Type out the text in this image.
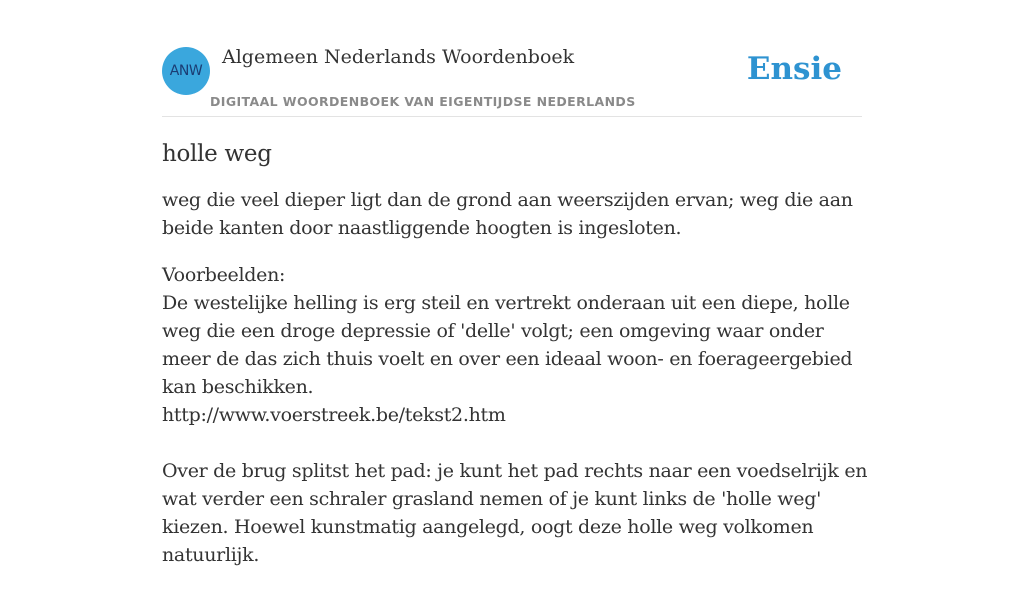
ANW
Algemeen Nederlands Woordenboek
DIGITAAL WOORDENBOEK VAN EIGENTIJDSE NEDERLANDS
Ensie
holle weg

weg die veel dieper ligt dan de grond aan weerszijden ervan; weg die aan beide kanten door naastliggende hoogten is ingesloten.

Voorbeelden:
De westelijke helling is erg steil en vertrekt onderaan uit een diepe, holle weg die een droge depressie of 'delle' volgt; een omgeving waar onder meer de das zich thuis voelt en over een ideaal woon- en foerageergebied kan beschikken.
http://www.voerstreek.be/tekst2.htm
Over de brug splitst het pad: je kunt het pad rechts naar een voedselrijk en wat verder een schraler grasland nemen of je kunt links de 'holle weg' kiezen. Hoewel kunstmatig aangelegd, oogt deze holle weg volkomen natuurlijk.
